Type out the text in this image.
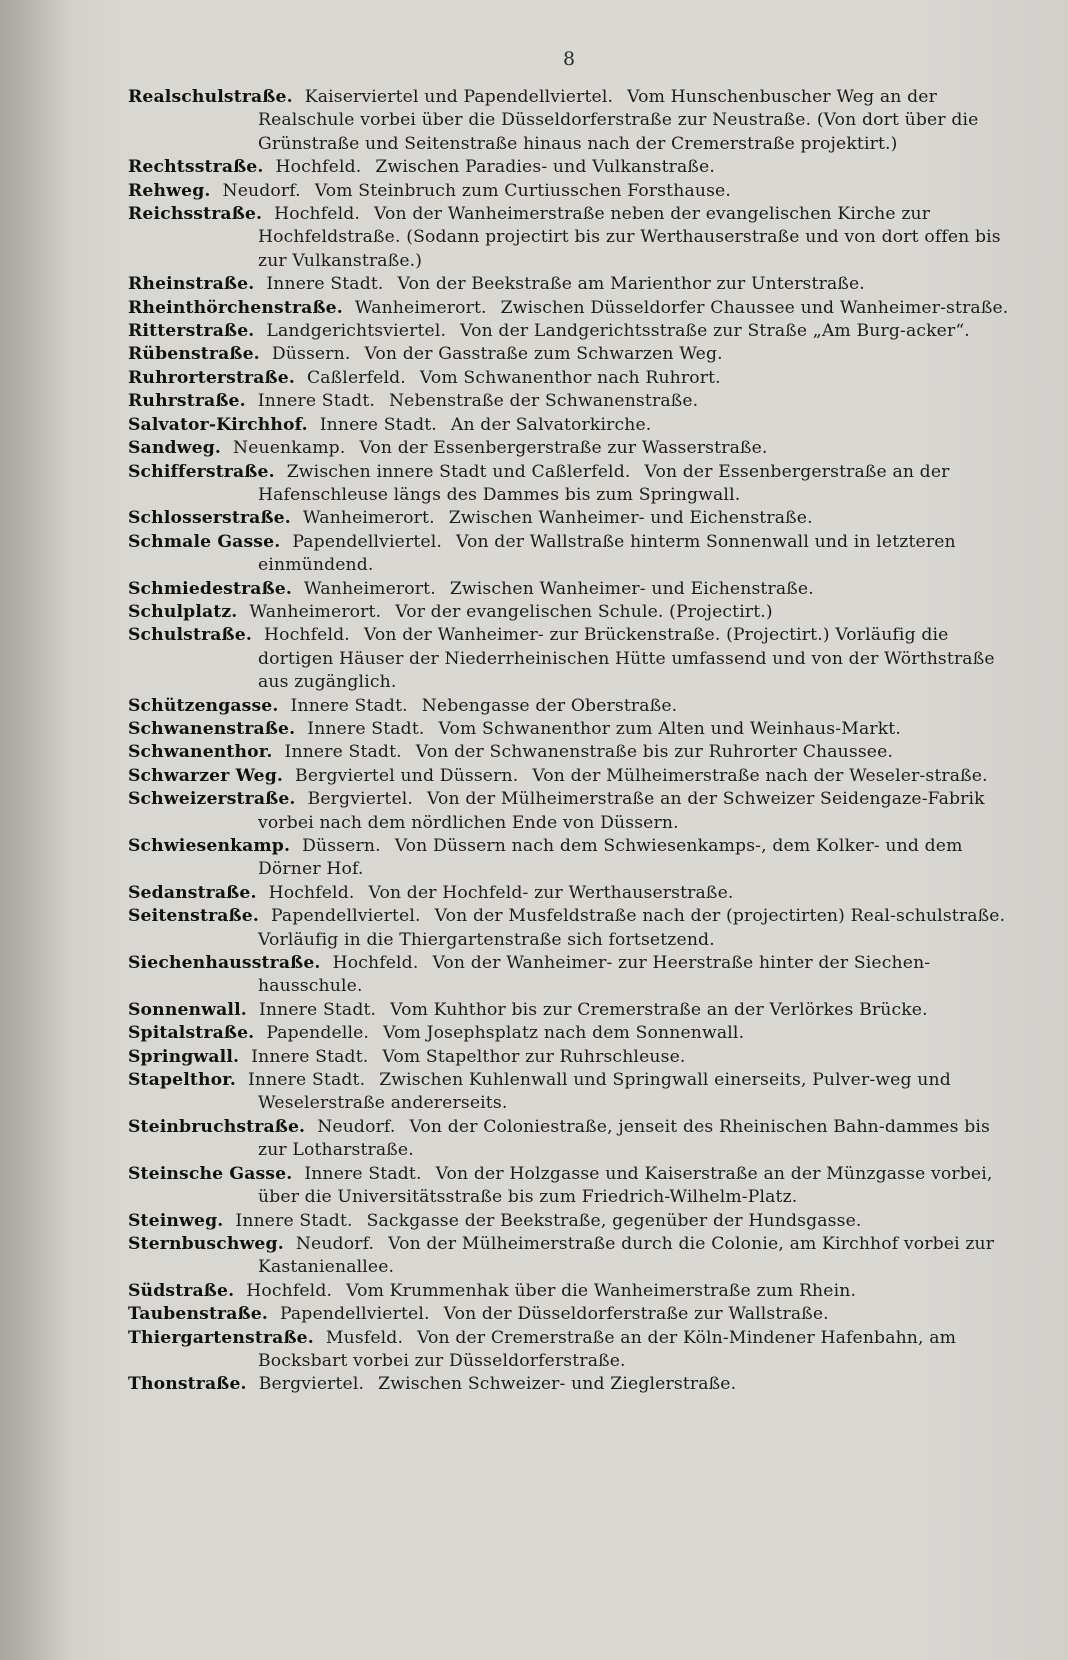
8

Realschulstraße. Kaiserviertel und Papendellviertel. Vom Hunschenbuscher Weg an der Realschule vorbei über die Düsseldorferstraße zur Neustraße. (Von dort über die Grünstraße und Seitenstraße hinaus nach der Cremerstraße projektirt.)

Rechtsstraße. Hochfeld. Zwischen Paradies- und Vulkanstraße.

Rehweg. Neudorf. Vom Steinbruch zum Curtiusschen Forsthause.

Reichsstraße. Hochfeld. Von der Wanheimerstraße neben der evangelischen Kirche zur Hochfeldstraße. (Sodann projectirt bis zur Werthauserstraße und von dort offen bis zur Vulkanstraße.)

Rheinstraße. Innere Stadt. Von der Beekstraße am Marienthor zur Unterstraße.

Rheinthörchenstraße. Wanheimerort. Zwischen Düsseldorfer Chaussee und Wanheimer-straße.

Ritterstraße. Landgerichtsviertel. Von der Landgerichtsstraße zur Straße „Am Burg-acker“.

Rübenstraße. Düssern. Von der Gasstraße zum Schwarzen Weg.

Ruhrorterstraße. Caßlerfeld. Vom Schwanenthor nach Ruhrort.

Ruhrstraße. Innere Stadt. Nebenstraße der Schwanenstraße.

Salvator-Kirchhof. Innere Stadt. An der Salvatorkirche.

Sandweg. Neuenkamp. Von der Essenbergerstraße zur Wasserstraße.

Schifferstraße. Zwischen innere Stadt und Caßlerfeld. Von der Essenbergerstraße an der Hafenschleuse längs des Dammes bis zum Springwall.

Schlosserstraße. Wanheimerort. Zwischen Wanheimer- und Eichenstraße.

Schmale Gasse. Papendellviertel. Von der Wallstraße hinterm Sonnenwall und in letzteren einmündend.

Schmiedestraße. Wanheimerort. Zwischen Wanheimer- und Eichenstraße.

Schulplatz. Wanheimerort. Vor der evangelischen Schule. (Projectirt.)

Schulstraße. Hochfeld. Von der Wanheimer- zur Brückenstraße. (Projectirt.) Vorläufig die dortigen Häuser der Niederrheinischen Hütte umfassend und von der Wörthstraße aus zugänglich.

Schützengasse. Innere Stadt. Nebengasse der Oberstraße.

Schwanenstraße. Innere Stadt. Vom Schwanenthor zum Alten und Weinhaus-Markt.

Schwanenthor. Innere Stadt. Von der Schwanenstraße bis zur Ruhrorter Chaussee.

Schwarzer Weg. Bergviertel und Düssern. Von der Mülheimerstraße nach der Weseler-straße.

Schweizerstraße. Bergviertel. Von der Mülheimerstraße an der Schweizer Seidengaze-Fabrik vorbei nach dem nördlichen Ende von Düssern.

Schwiesenkamp. Düssern. Von Düssern nach dem Schwiesenkamps-, dem Kolker- und dem Dörner Hof.

Sedanstraße. Hochfeld. Von der Hochfeld- zur Werthauserstraße.

Seitenstraße. Papendellviertel. Von der Musfeldstraße nach der (projectirten) Real-schulstraße. Vorläufig in die Thiergartenstraße sich fortsetzend.

Siechenhausstraße. Hochfeld. Von der Wanheimer- zur Heerstraße hinter der Siechen-hausschule.

Sonnenwall. Innere Stadt. Vom Kuhthor bis zur Cremerstraße an der Verlörkes Brücke.

Spitalstraße. Papendelle. Vom Josephsplatz nach dem Sonnenwall.

Springwall. Innere Stadt. Vom Stapelthor zur Ruhrschleuse.

Stapelthor. Innere Stadt. Zwischen Kuhlenwall und Springwall einerseits, Pulver-weg und Weselerstraße andererseits.

Steinbruchstraße. Neudorf. Von der Coloniestraße, jenseit des Rheinischen Bahn-dammes bis zur Lotharstraße.

Steinsche Gasse. Innere Stadt. Von der Holzgasse und Kaiserstraße an der Münzgasse vorbei, über die Universitätsstraße bis zum Friedrich-Wilhelm-Platz.

Steinweg. Innere Stadt. Sackgasse der Beekstraße, gegenüber der Hundsgasse.

Sternbuschweg. Neudorf. Von der Mülheimerstraße durch die Colonie, am Kirchhof vorbei zur Kastanienallee.

Südstraße. Hochfeld. Vom Krummenhak über die Wanheimerstraße zum Rhein.

Taubenstraße. Papendellviertel. Von der Düsseldorferstraße zur Wallstraße.

Thiergartenstraße. Musfeld. Von der Cremerstraße an der Köln-Mindener Hafenbahn, am Bocksbart vorbei zur Düsseldorferstraße.

Thonstraße. Bergviertel. Zwischen Schweizer- und Zieglerstraße.
